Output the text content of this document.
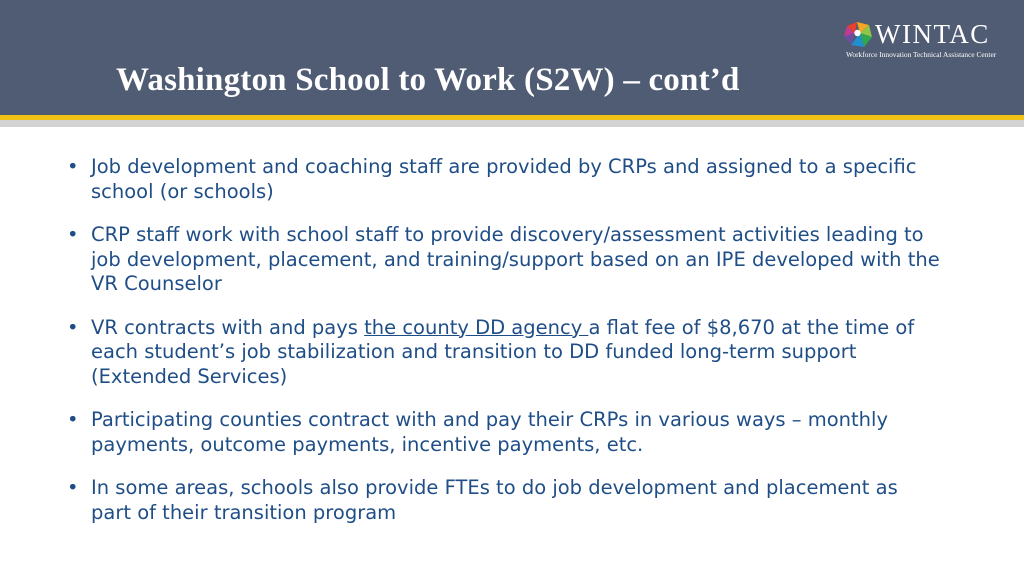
Washington School to Work (S2W) – cont’d
WINTAC
Workforce Innovation Technical Assistance Center
• Job development and coaching staff are provided by CRPs and assigned to a specific school (or schools)
• CRP staff work with school staff to provide discovery/assessment activities leading to job development, placement, and training/support based on an IPE developed with the VR Counselor
• VR contracts with and pays the county DD agency a flat fee of $8,670 at the time of each student’s job stabilization and transition to DD funded long-term support (Extended Services)
• Participating counties contract with and pay their CRPs in various ways – monthly payments, outcome payments, incentive payments, etc.
• In some areas, schools also provide FTEs to do job development and placement as part of their transition program
